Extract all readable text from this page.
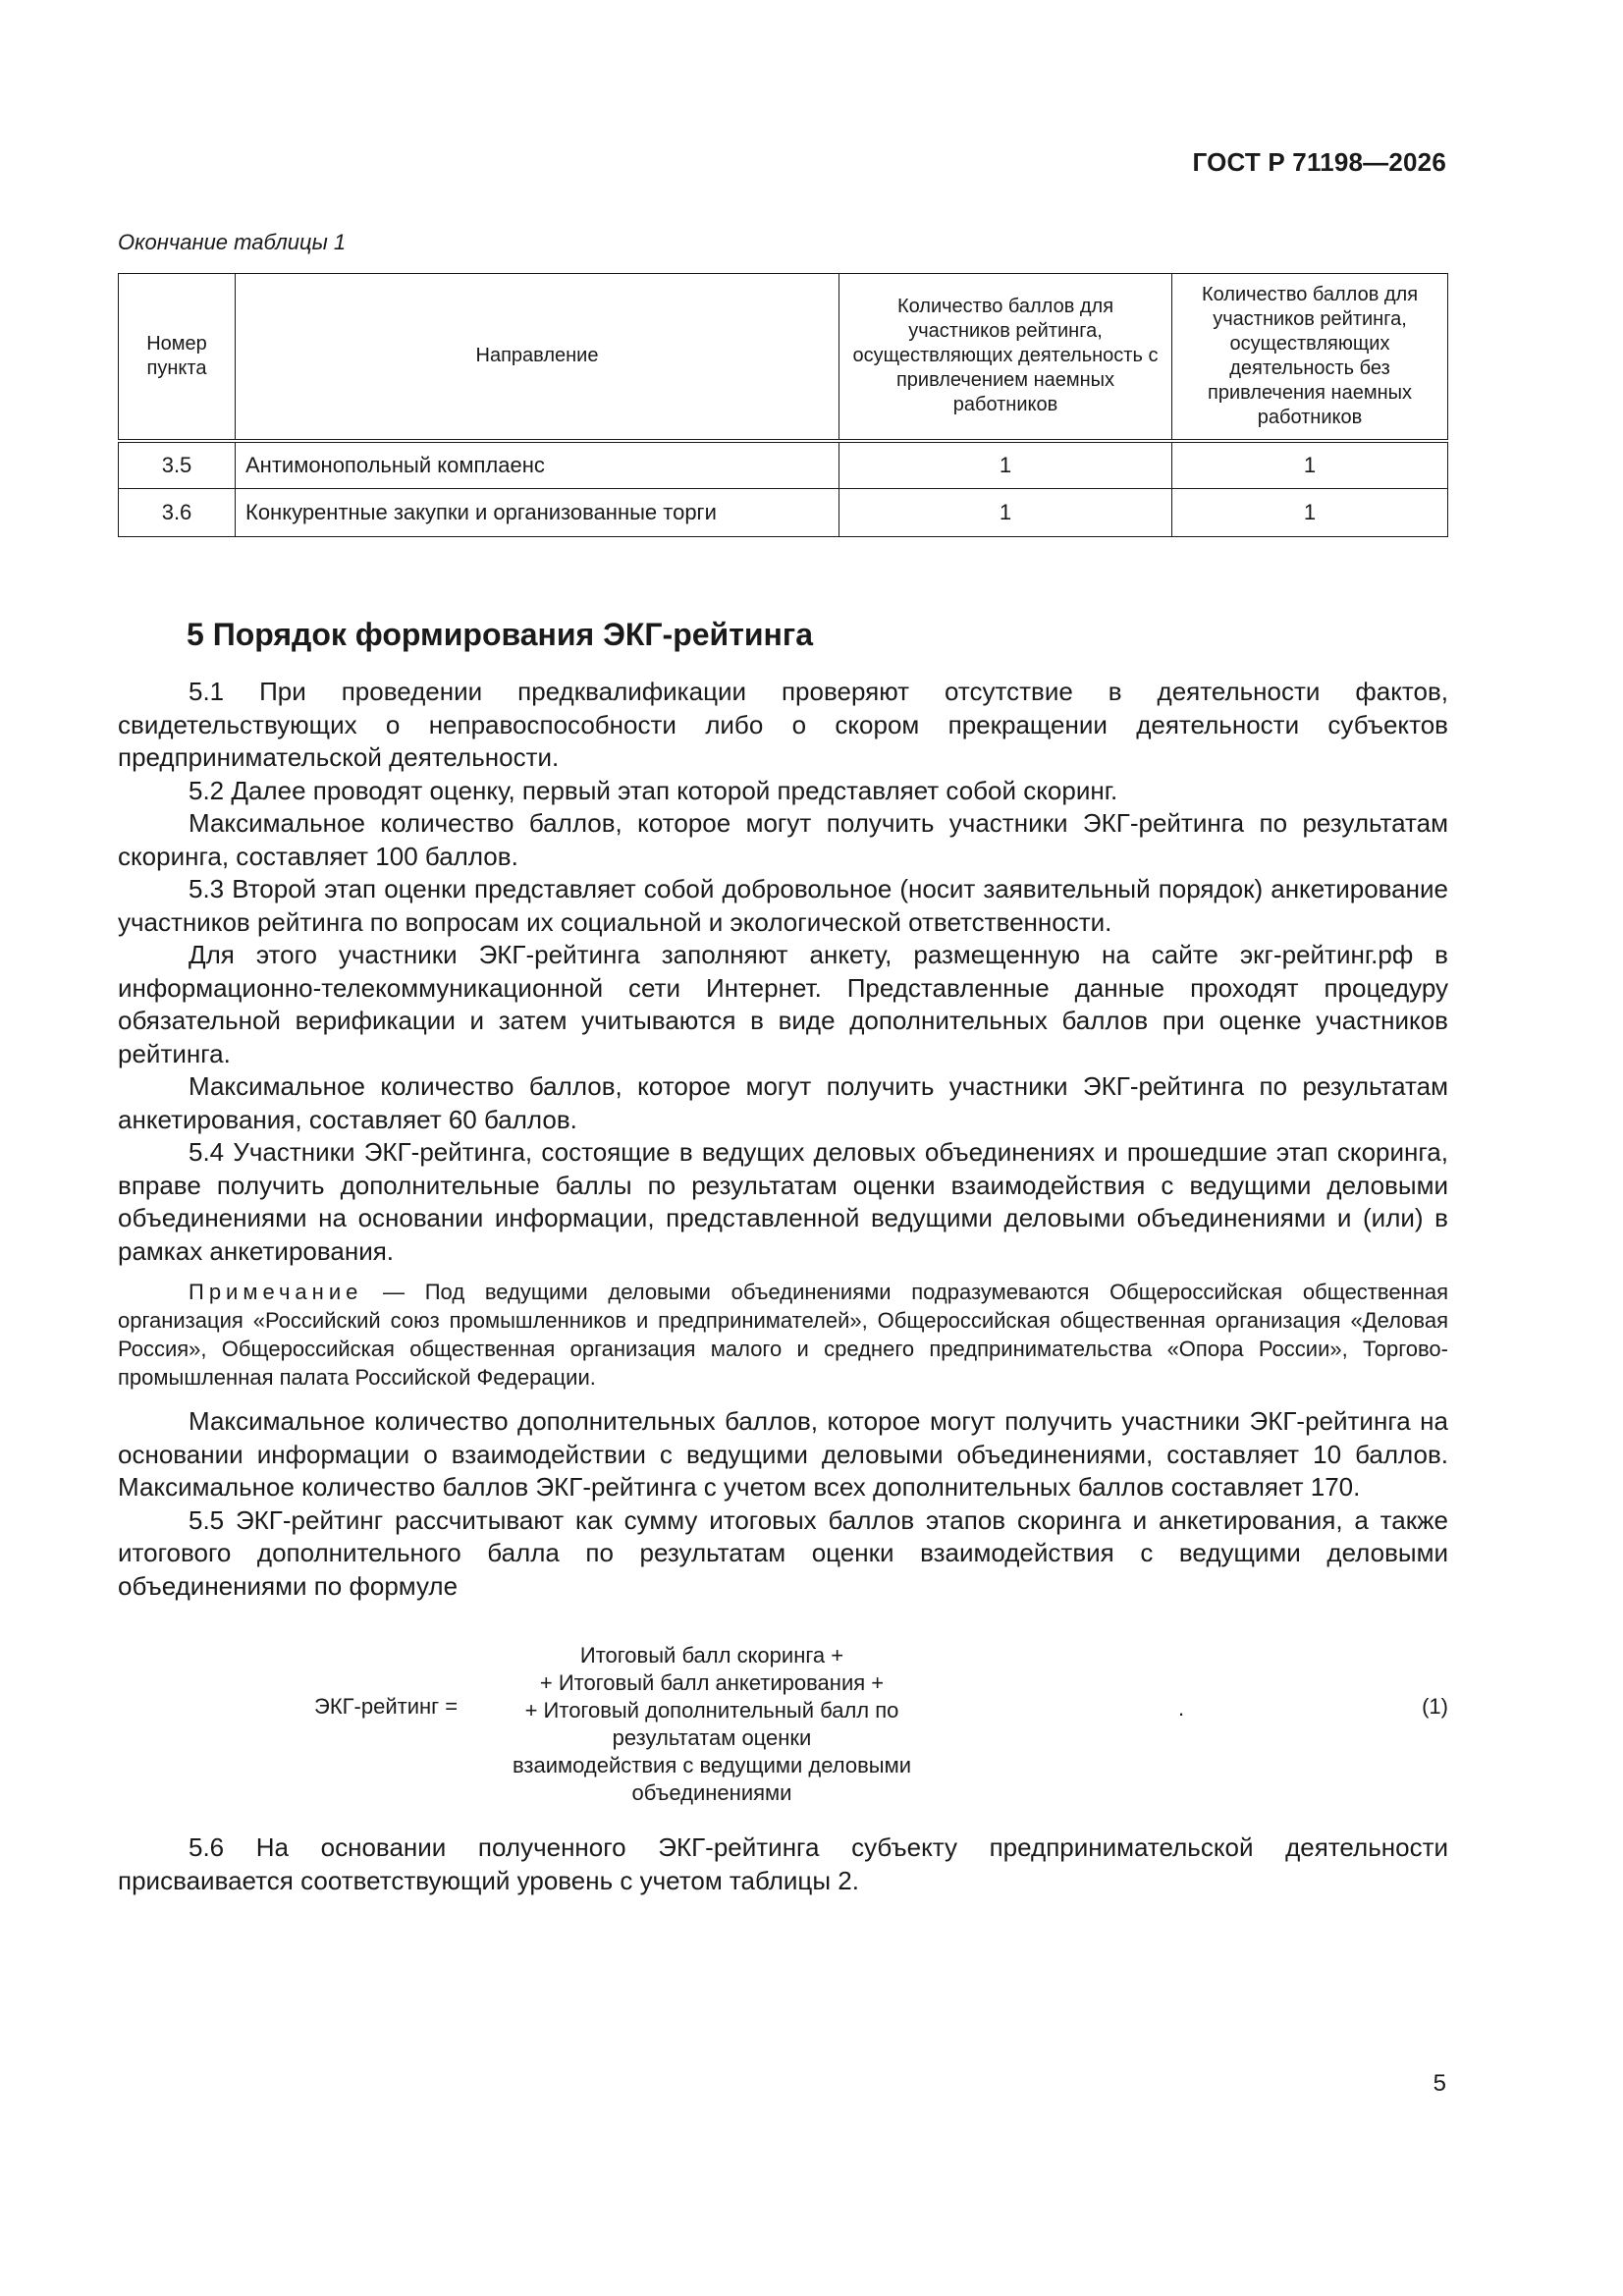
ГОСТ Р 71198—2026
Окончание таблицы 1
Номер пункта	Направление	Количество баллов для участников рейтинга, осуществляющих деятельность с привлечением наемных работников	Количество баллов для участников рейтинга, осуществляющих деятельность без привлечения наемных работников
3.5	Антимонопольный комплаенс	1	1
3.6	Конкурентные закупки и организованные торги	1	1
5 Порядок формирования ЭКГ-рейтинга

5.1 При проведении предквалификации проверяют отсутствие в деятельности фактов, свидетельствующих о неправоспособности либо о скором прекращении деятельности субъектов предпринимательской деятельности.

5.2 Далее проводят оценку, первый этап которой представляет собой скоринг.

Максимальное количество баллов, которое могут получить участники ЭКГ-рейтинга по результатам скоринга, составляет 100 баллов.

5.3 Второй этап оценки представляет собой добровольное (носит заявительный порядок) анкетирование участников рейтинга по вопросам их социальной и экологической ответственности.

Для этого участники ЭКГ-рейтинга заполняют анкету, размещенную на сайте экг-рейтинг.рф в информационно-телекоммуникационной сети Интернет. Представленные данные проходят процедуру обязательной верификации и затем учитываются в виде дополнительных баллов при оценке участников рейтинга.

Максимальное количество баллов, которое могут получить участники ЭКГ-рейтинга по результатам анкетирования, составляет 60 баллов.

5.4 Участники ЭКГ-рейтинга, состоящие в ведущих деловых объединениях и прошедшие этап скоринга, вправе получить дополнительные баллы по результатам оценки взаимодействия с ведущими деловыми объединениями на основании информации, представленной ведущими деловыми объединениями и (или) в рамках анкетирования.

Примечание — Под ведущими деловыми объединениями подразумеваются Общероссийская общественная организация «Российский союз промышленников и предпринимателей», Общероссийская общественная организация «Деловая Россия», Общероссийская общественная организация малого и среднего предпринимательства «Опора России», Торгово-промышленная палата Российской Федерации.

Максимальное количество дополнительных баллов, которое могут получить участники ЭКГ-рейтинга на основании информации о взаимодействии с ведущими деловыми объединениями, составляет 10 баллов. Максимальное количество баллов ЭКГ-рейтинга с учетом всех дополнительных баллов составляет 170.

5.5 ЭКГ-рейтинг рассчитывают как сумму итоговых баллов этапов скоринга и анкетирования, а также итогового дополнительного балла по результатам оценки взаимодействия с ведущими деловыми объединениями по формуле

ЭКГ-рейтинг =
Итоговый балл скоринга +
+ Итоговый балл анкетирования +
+ Итоговый дополнительный балл по результатам оценки
взаимодействия с ведущими деловыми объединениями
.	(1)

5.6 На основании полученного ЭКГ-рейтинга субъекту предпринимательской деятельности присваивается соответствующий уровень с учетом таблицы 2.

5
